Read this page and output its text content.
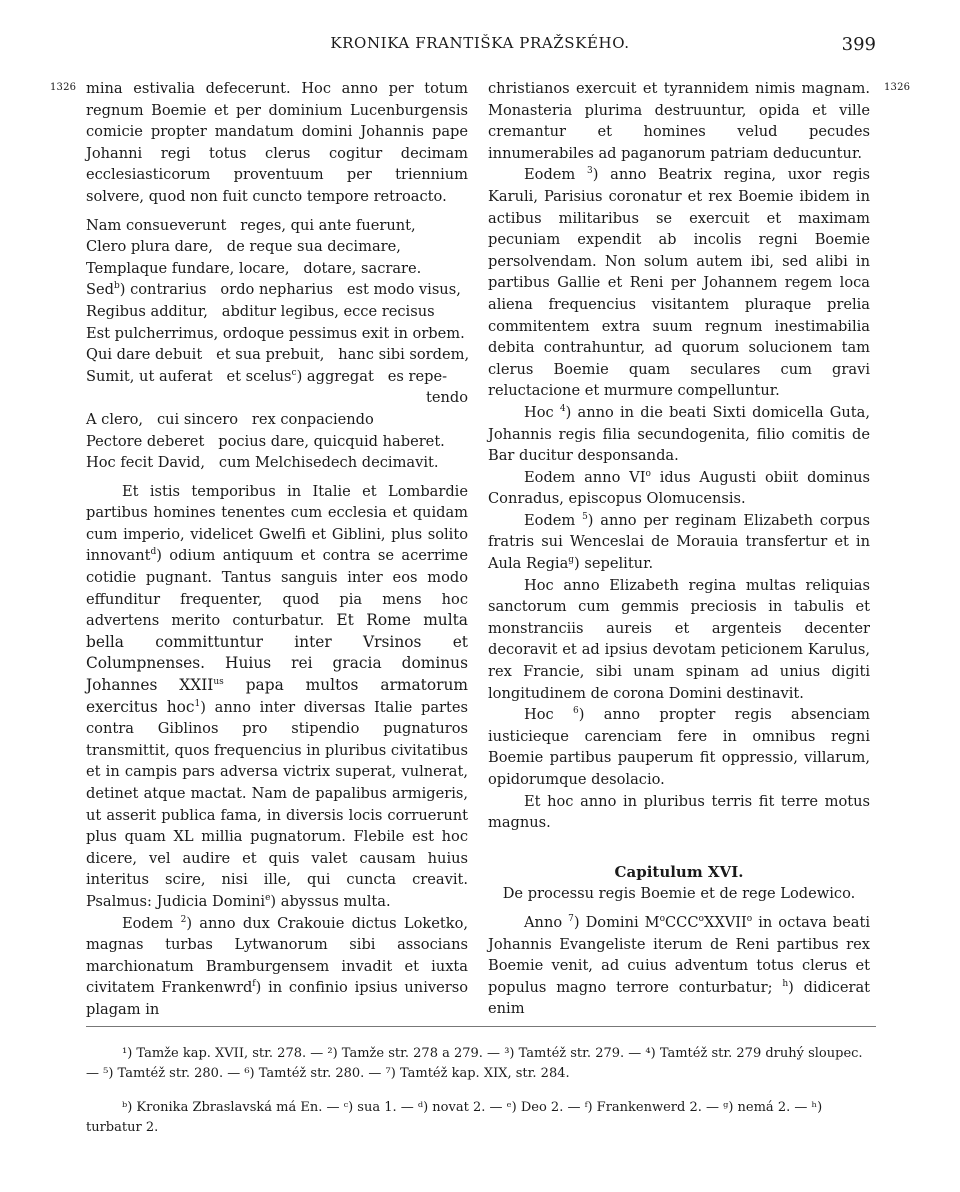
KRONIKA FRANTIŠKA PRAŽSKÉHO.	399
1326	1326

mina estivalia defecerunt. Hoc anno per totum regnum Boemie et per dominium Lucenburgensis comicie propter mandatum domini Johannis pape Johanni regi totus clerus cogitur decimam ecclesiasticorum proventuum per triennium solvere, quod non fuit cuncto tempore retroacto.

Nam consueverunt   reges, qui ante fuerunt,
Clero plura dare,   de reque sua decimare,
Templaque fundare, locare,   dotare, sacrare.
Sed$^b$) contrarius   ordo nepharius   est modo visus,
Regibus additur,   abditur legibus, ecce recisus
Est pulcherrimus, ordoque pessimus exit in orbem.
Qui dare debuit   et sua prebuit,   hanc sibi sordem,
Sumit, ut auferat   et scelus$^c$) aggregat   es repe-
tendo
A clero,   cui sincero   rex conpaciendo
Pectore deberet   pocius dare, quicquid haberet.
Hoc fecit David,   cum Melchisedech decimavit.

Et istis temporibus in Italie et Lombardie partibus homines tenentes cum ecclesia et quidam cum imperio, videlicet Gwelfi et Giblini, plus solito innovant$^d$) odium antiquum et contra se acerrime cotidie pugnant. Tantus sanguis inter eos modo effunditur frequenter, quod pia mens hoc advertens merito conturbatur. Et Rome multa bella committuntur inter Vrsinos et Columpnenses. Huius rei gracia dominus Johannes $XXII^{us}$ papa multos armatorum exercitus hoc$^1$) anno inter diversas Italie partes contra Giblinos pro stipendio pugnaturos transmittit, quos frequencius in pluribus civitatibus et in campis pars adversa victrix superat, vulnerat, detinet atque mactat. Nam de papalibus armigeris, ut asserit publica fama, in diversis locis corruerunt plus quam XL millia pugnatorum. Flebile est hoc dicere, vel audire et quis valet causam huius interitus scire, nisi ille, qui cuncta creavit. Psalmus: Judicia Domini$^e$) abyssus multa.

Eodem $^2$) anno dux Crakouie dictus Loketko, magnas turbas Lytwanorum sibi associans marchionatum Bramburgensem invadit et iuxta civitatem Frankenwrd$^f$) in confinio ipsius universo plagam in

christianos exercuit et tyrannidem nimis magnam. Monasteria plurima destruuntur, opida et ville cremantur et homines velud pecudes innumerabiles ad paganorum patriam deducuntur.

Eodem $^3$) anno Beatrix regina, uxor regis Karuli, Parisius coronatur et rex Boemie ibidem in actibus militaribus se exercuit et maximam pecuniam expendit ab incolis regni Boemie persolvendam. Non solum autem ibi, sed alibi in partibus Gallie et Reni per Johannem regem loca aliena frequencius visitantem pluraque prelia commitentem extra suum regnum inestimabilia debita contrahuntur, ad quorum solucionem tam clerus Boemie quam seculares cum gravi reluctacione et murmure compelluntur.

Hoc $^4$) anno in die beati Sixti domicella Guta, Johannis regis filia secundogenita, filio comitis de Bar ducitur desponsanda.

Eodem anno $VI^o$ idus Augusti obiit dominus Conradus, episcopus Olomucensis.

Eodem $^5$) anno per reginam Elizabeth corpus fratris sui Wenceslai de Morauia transfertur et in Aula Regia$^g$) sepelitur.

Hoc anno Elizabeth regina multas reliquias sanctorum cum gemmis preciosis in tabulis et monstranciis aureis et argenteis decenter decoravit et ad ipsius devotam peticionem Karulus, rex Francie, sibi unam spinam ad unius digiti longitudinem de corona Domini destinavit.

Hoc $^6$) anno propter regis absenciam iusticieque carenciam fere in omnibus regni Boemie partibus pauperum fit oppressio, villarum, opidorumque desolacio.

Et hoc anno in pluribus terris fit terre motus magnus.

Capitulum XVI.

De processu regis Boemie et de rege Lodewico.

Anno $^7$) Domini $M^oCCC^oXXVII^o$ in octava beati Johannis Evangeliste iterum de Reni partibus rex Boemie venit, ad cuius adventum totus clerus et populus magno terrore conturbatur; $^h$) didicerat enim

¹) Tamže kap. XVII, str. 278. — ²) Tamže str. 278 a 279. — ³) Tamtéž str. 279. — ⁴) Tamtéž str. 279 druhý sloupec. — ⁵) Tamtéž str. 280. — ⁶) Tamtéž str. 280. — ⁷) Tamtéž kap. XIX, str. 284.
ᵇ) Kronika Zbraslavská má En. — ᶜ) sua 1. — ᵈ) novat 2. — ᵉ) Deo 2. — ᶠ) Frankenwerd 2. — ᵍ) nemá 2. — ʰ) turbatur 2.
